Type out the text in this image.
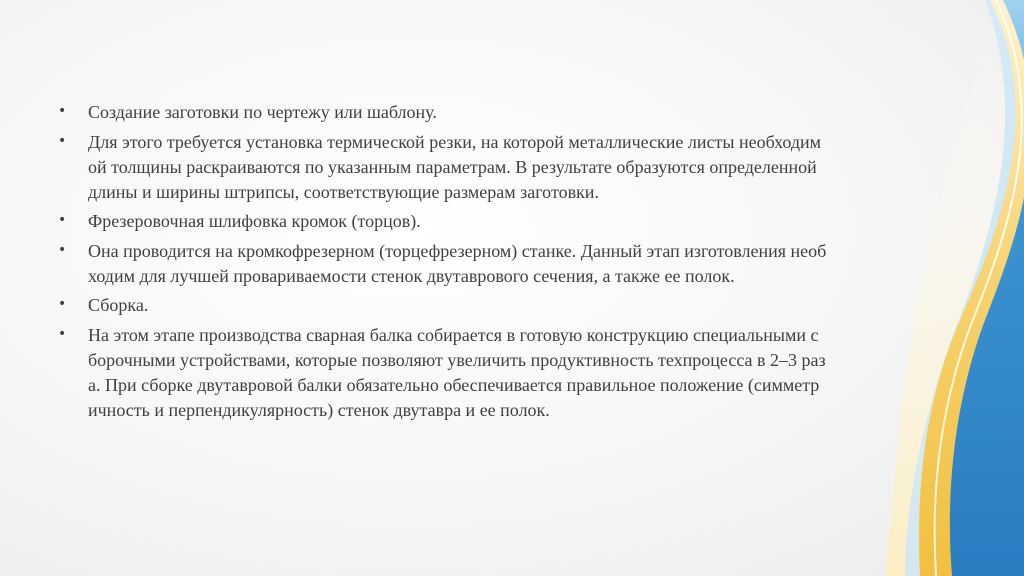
•	Создание заготовки по чертежу или шаблону.
•	Для этого требуется установка термической резки, на которой металлические листы необходим
ой толщины раскраиваются по указанным параметрам. В результате образуются определенной
длины и ширины штрипсы, соответствующие размерам заготовки.
•	Фрезеровочная шлифовка кромок (торцов).
•	Она проводится на кромкофрезерном (торцефрезерном) станке. Данный этап изготовления необ
ходим для лучшей провариваемости стенок двутаврового сечения, а также ее полок.
•	Сборка.
•	На этом этапе производства сварная балка собирается в готовую конструкцию специальными с
борочными устройствами, которые позволяют увеличить продуктивность техпроцесса в 2–3 раз
а. При сборке двутавровой балки обязательно обеспечивается правильное положение (симметр
ичность и перпендикулярность) стенок двутавра и ее полок.
